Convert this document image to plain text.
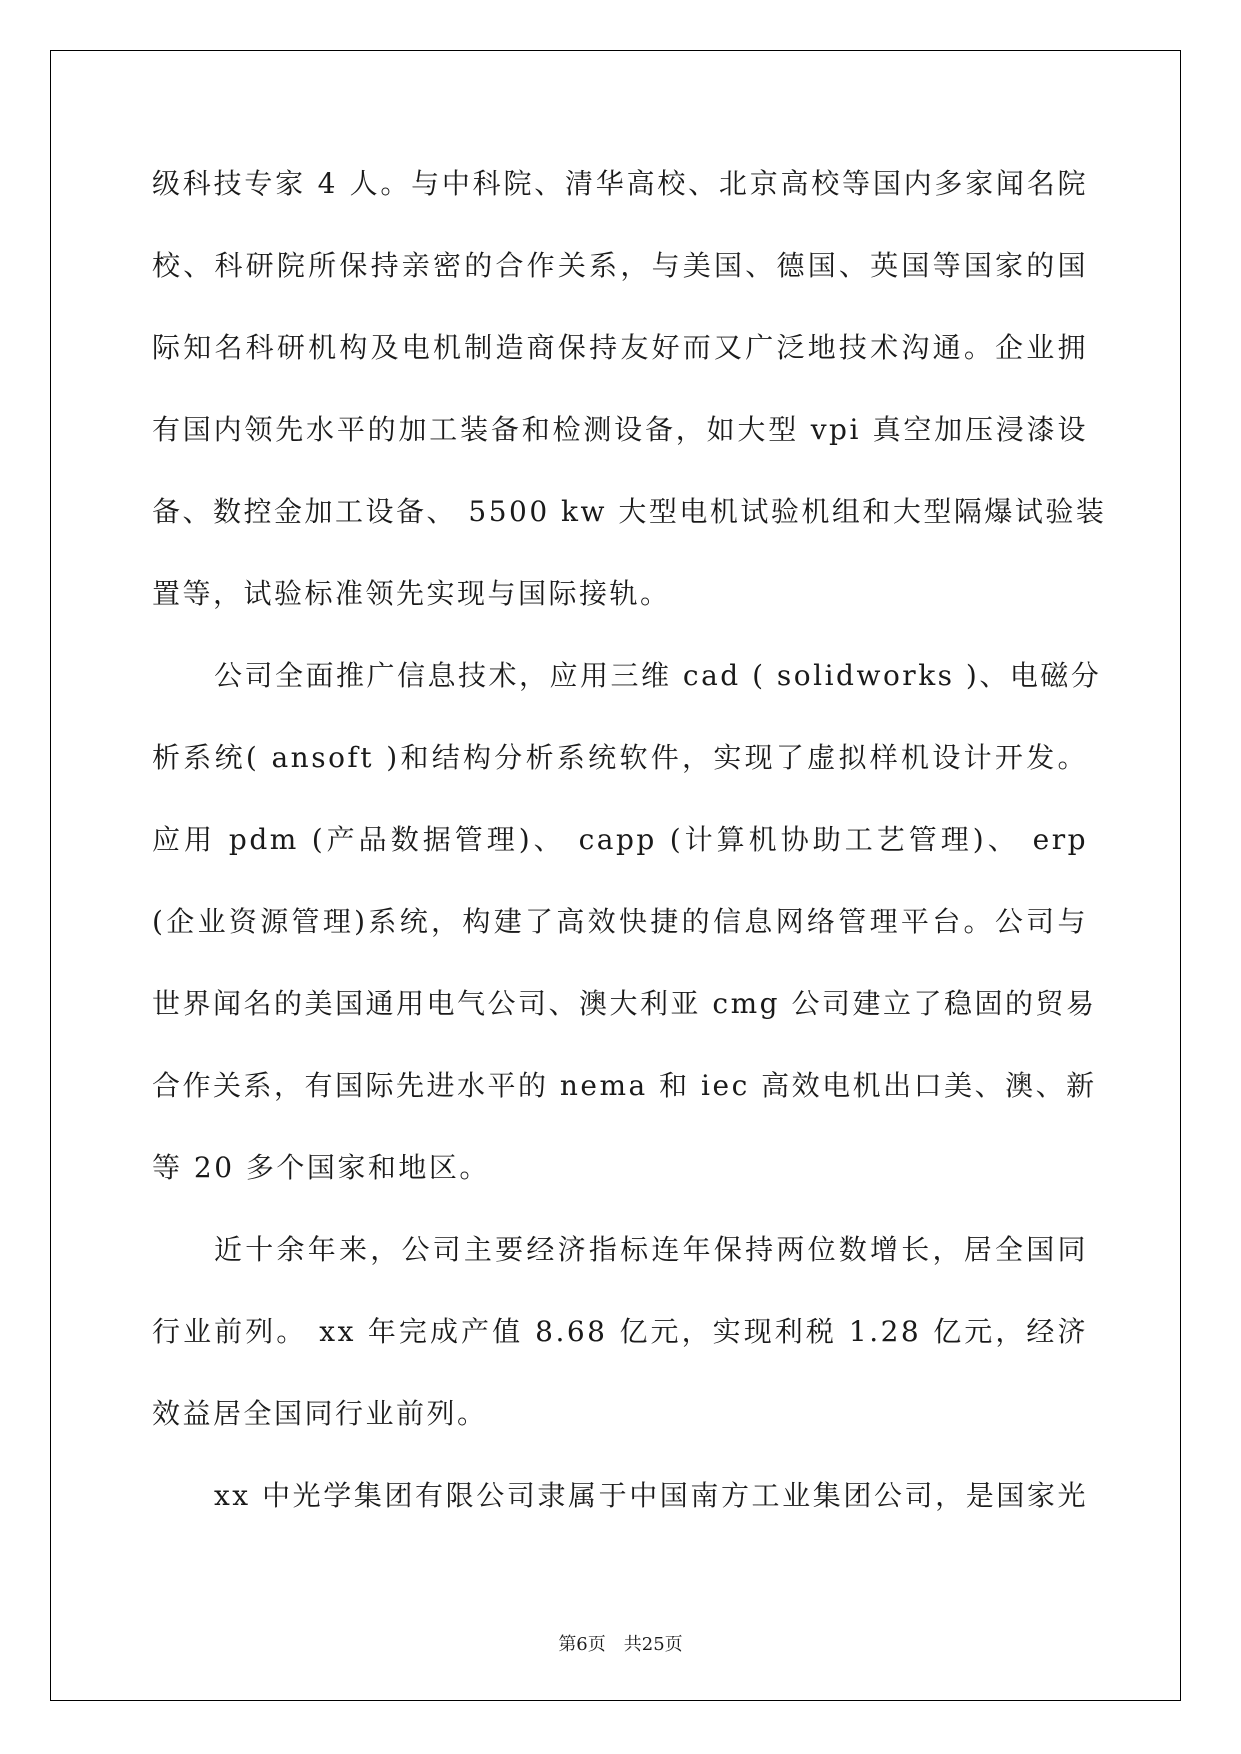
级科技专家 4 人。与中科院、清华高校、北京高校等国内多家闻名院
校、科研院所保持亲密的合作关系，与美国、德国、英国等国家的国
际知名科研机构及电机制造商保持友好而又广泛地技术沟通。企业拥
有国内领先水平的加工装备和检测设备，如大型 vpi 真空加压浸漆设
备、数控金加工设备、 5500 kw 大型电机试验机组和大型隔爆试验装
置等，试验标准领先实现与国际接轨。
公司全面推广信息技术，应用三维 cad ( solidworks )、电磁分
析系统( ansoft )和结构分析系统软件，实现了虚拟样机设计开发。
应用 pdm (产品数据管理)、 capp (计算机协助工艺管理)、 erp
(企业资源管理)系统，构建了高效快捷的信息网络管理平台。公司与
世界闻名的美国通用电气公司、澳大利亚 cmg 公司建立了稳固的贸易
合作关系，有国际先进水平的 nema 和 iec 高效电机出口美、澳、新
等 20 多个国家和地区。
近十余年来，公司主要经济指标连年保持两位数增长，居全国同
行业前列。 xx 年完成产值 8.68 亿元，实现利税 1.28 亿元，经济
效益居全国同行业前列。
xx 中光学集团有限公司隶属于中国南方工业集团公司，是国家光
第6页 共25页
